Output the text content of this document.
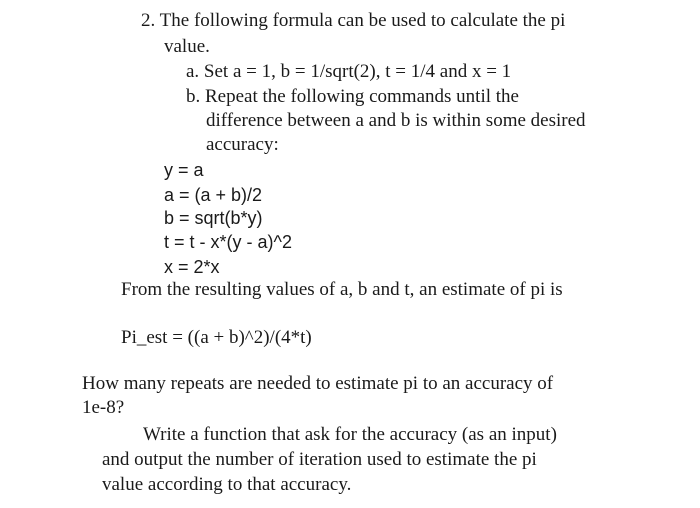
2. The following formula can be used to calculate the pi
value.
a. Set a = 1, b = 1/sqrt(2), t = 1/4 and x = 1
b. Repeat the following commands until the
difference between a and b is within some desired
accuracy:
y = a
a = (a + b)/2
b = sqrt(b*y)
t = t - x*(y - a)^2
x = 2*x
From the resulting values of a, b and t, an estimate of pi is
Pi_est = ((a + b)^2)/(4*t)
How many repeats are needed to estimate pi to an accuracy of
1e-8?
Write a function that ask for the accuracy (as an input)
and output the number of iteration used to estimate the pi
value according to that accuracy.
